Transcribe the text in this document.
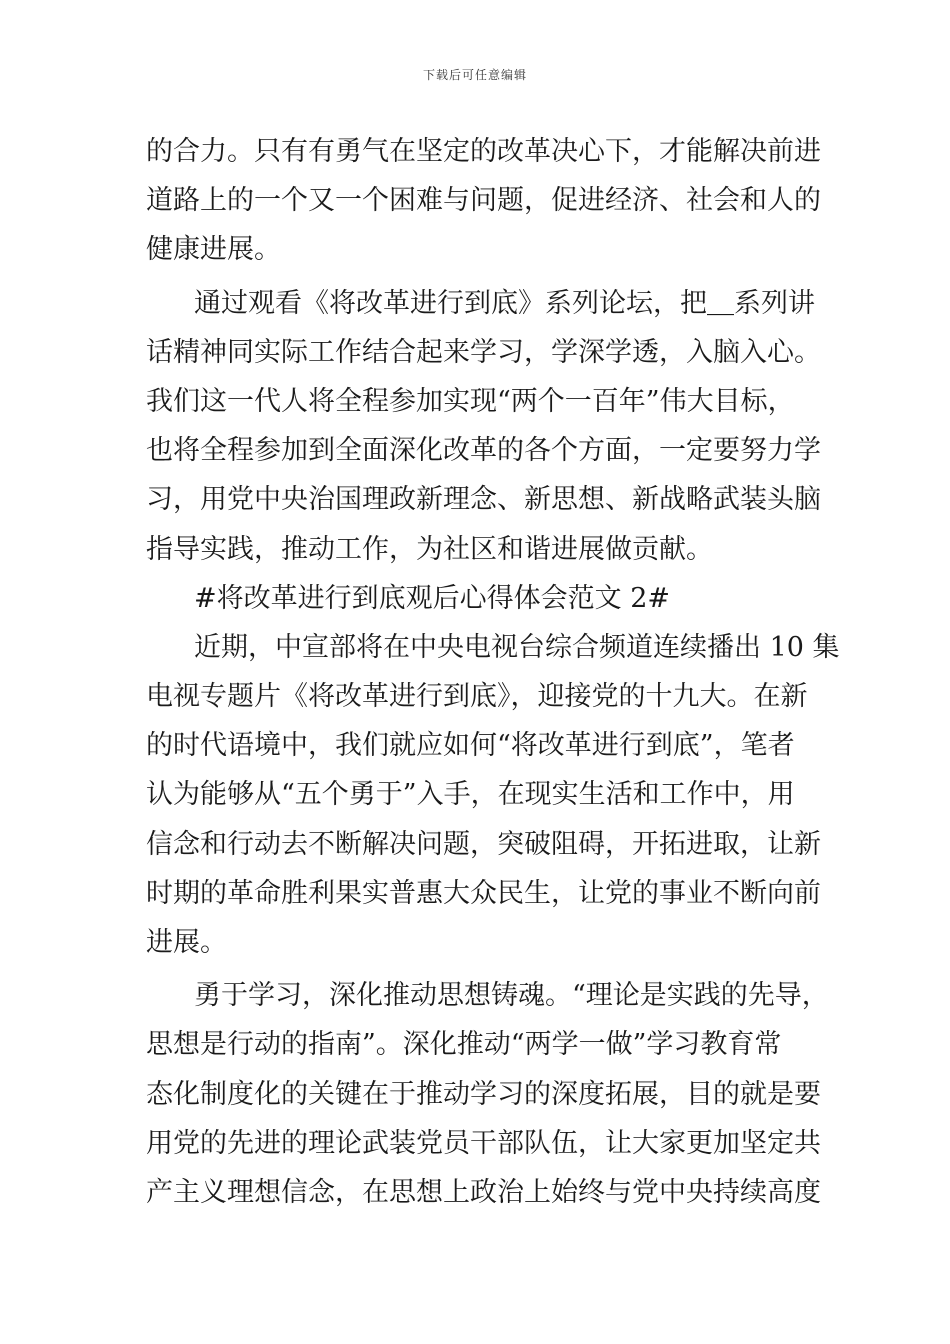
下载后可任意编辑
的合力。只有有勇气在坚定的改革决心下，才能解决前进
道路上的一个又一个困难与问题，促进经济、社会和人的
健康进展。
通过观看《将改革进行到底》系列论坛，把＿系列讲
话精神同实际工作结合起来学习，学深学透，入脑入心。
我们这一代人将全程参加实现“两个一百年”伟大目标，
也将全程参加到全面深化改革的各个方面，一定要努力学
习，用党中央治国理政新理念、新思想、新战略武装头脑
指导实践，推动工作，为社区和谐进展做贡献。
#将改革进行到底观后心得体会范文 2#
近期，中宣部将在中央电视台综合频道连续播出 10 集
电视专题片《将改革进行到底》，迎接党的十九大。在新
的时代语境中，我们就应如何“将改革进行到底”，笔者
认为能够从“五个勇于”入手，在现实生活和工作中，用
信念和行动去不断解决问题，突破阻碍，开拓进取，让新
时期的革命胜利果实普惠大众民生，让党的事业不断向前
进展。
勇于学习，深化推动思想铸魂。“理论是实践的先导，
思想是行动的指南”。深化推动“两学一做”学习教育常
态化制度化的关键在于推动学习的深度拓展，目的就是要
用党的先进的理论武装党员干部队伍，让大家更加坚定共
产主义理想信念，在思想上政治上始终与党中央持续高度
